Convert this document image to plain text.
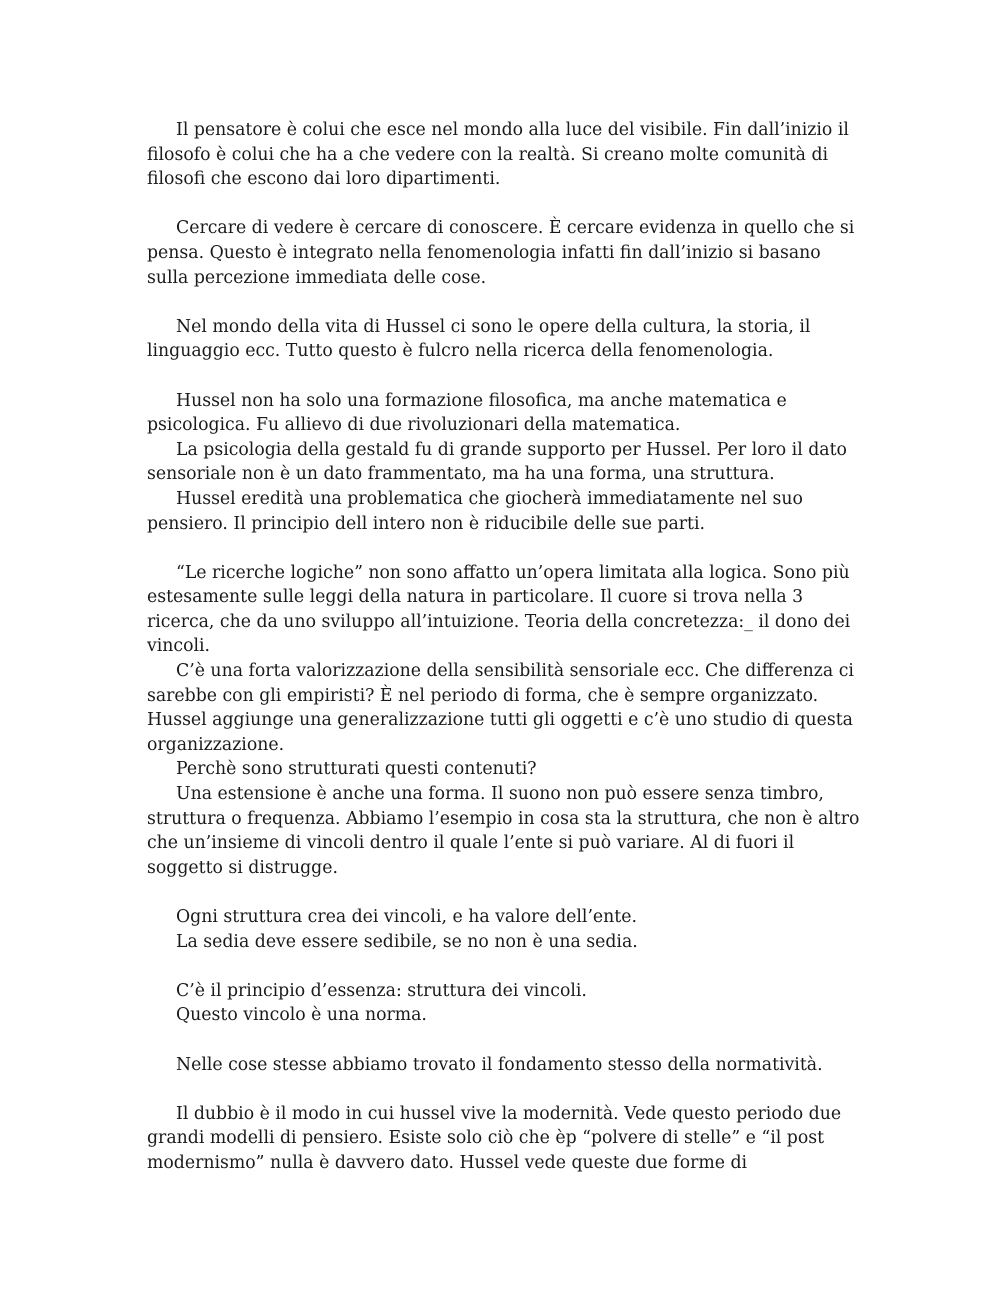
Il pensatore è colui che esce nel mondo alla luce del visibile. Fin dall’inizio il filosofo è colui che ha a che vedere con la realtà. Si creano molte comunità di filosofi che escono dai loro dipartimenti.

Cercare di vedere è cercare di conoscere. È cercare evidenza in quello che si pensa. Questo è integrato nella fenomenologia infatti fin dall’inizio si basano sulla percezione immediata delle cose.

Nel mondo della vita di Hussel ci sono le opere della cultura, la storia, il linguaggio ecc. Tutto questo è fulcro nella ricerca della fenomenologia.

Hussel non ha solo una formazione filosofica, ma anche matematica e psicologica. Fu allievo di due rivoluzionari della matematica.

La psicologia della gestald fu di grande supporto per Hussel. Per loro il dato sensoriale non è un dato frammentato, ma ha una forma, una struttura.

Hussel eredità una problematica che giocherà immediatamente nel suo pensiero. Il principio dell intero non è riducibile delle sue parti.

“Le ricerche logiche” non sono affatto un’opera limitata alla logica. Sono più estesamente sulle leggi della natura in particolare. Il cuore si trova nella 3 ricerca, che da uno sviluppo all’intuizione. Teoria della concretezza:_ il dono dei vincoli.

C’è una forta valorizzazione della sensibilità sensoriale ecc. Che differenza ci sarebbe con gli empiristi? È nel periodo di forma, che è sempre organizzato. Hussel aggiunge una generalizzazione tutti gli oggetti e c’è uno studio di questa organizzazione.

Perchè sono strutturati questi contenuti?

Una estensione è anche una forma. Il suono non può essere senza timbro, struttura o frequenza. Abbiamo l’esempio in cosa sta la struttura, che non è altro che un’insieme di vincoli dentro il quale l’ente si può variare. Al di fuori il soggetto si distrugge.

Ogni struttura crea dei vincoli, e ha valore dell’ente.

La sedia deve essere sedibile, se no non è una sedia.

C’è il principio d’essenza: struttura dei vincoli.

Questo vincolo è una norma.

Nelle cose stesse abbiamo trovato il fondamento stesso della normatività.

Il dubbio è il modo in cui hussel vive la modernità. Vede questo periodo due grandi modelli di pensiero. Esiste solo ciò che èp “polvere di stelle” e “il post modernismo” nulla è davvero dato. Hussel vede queste due forme di
